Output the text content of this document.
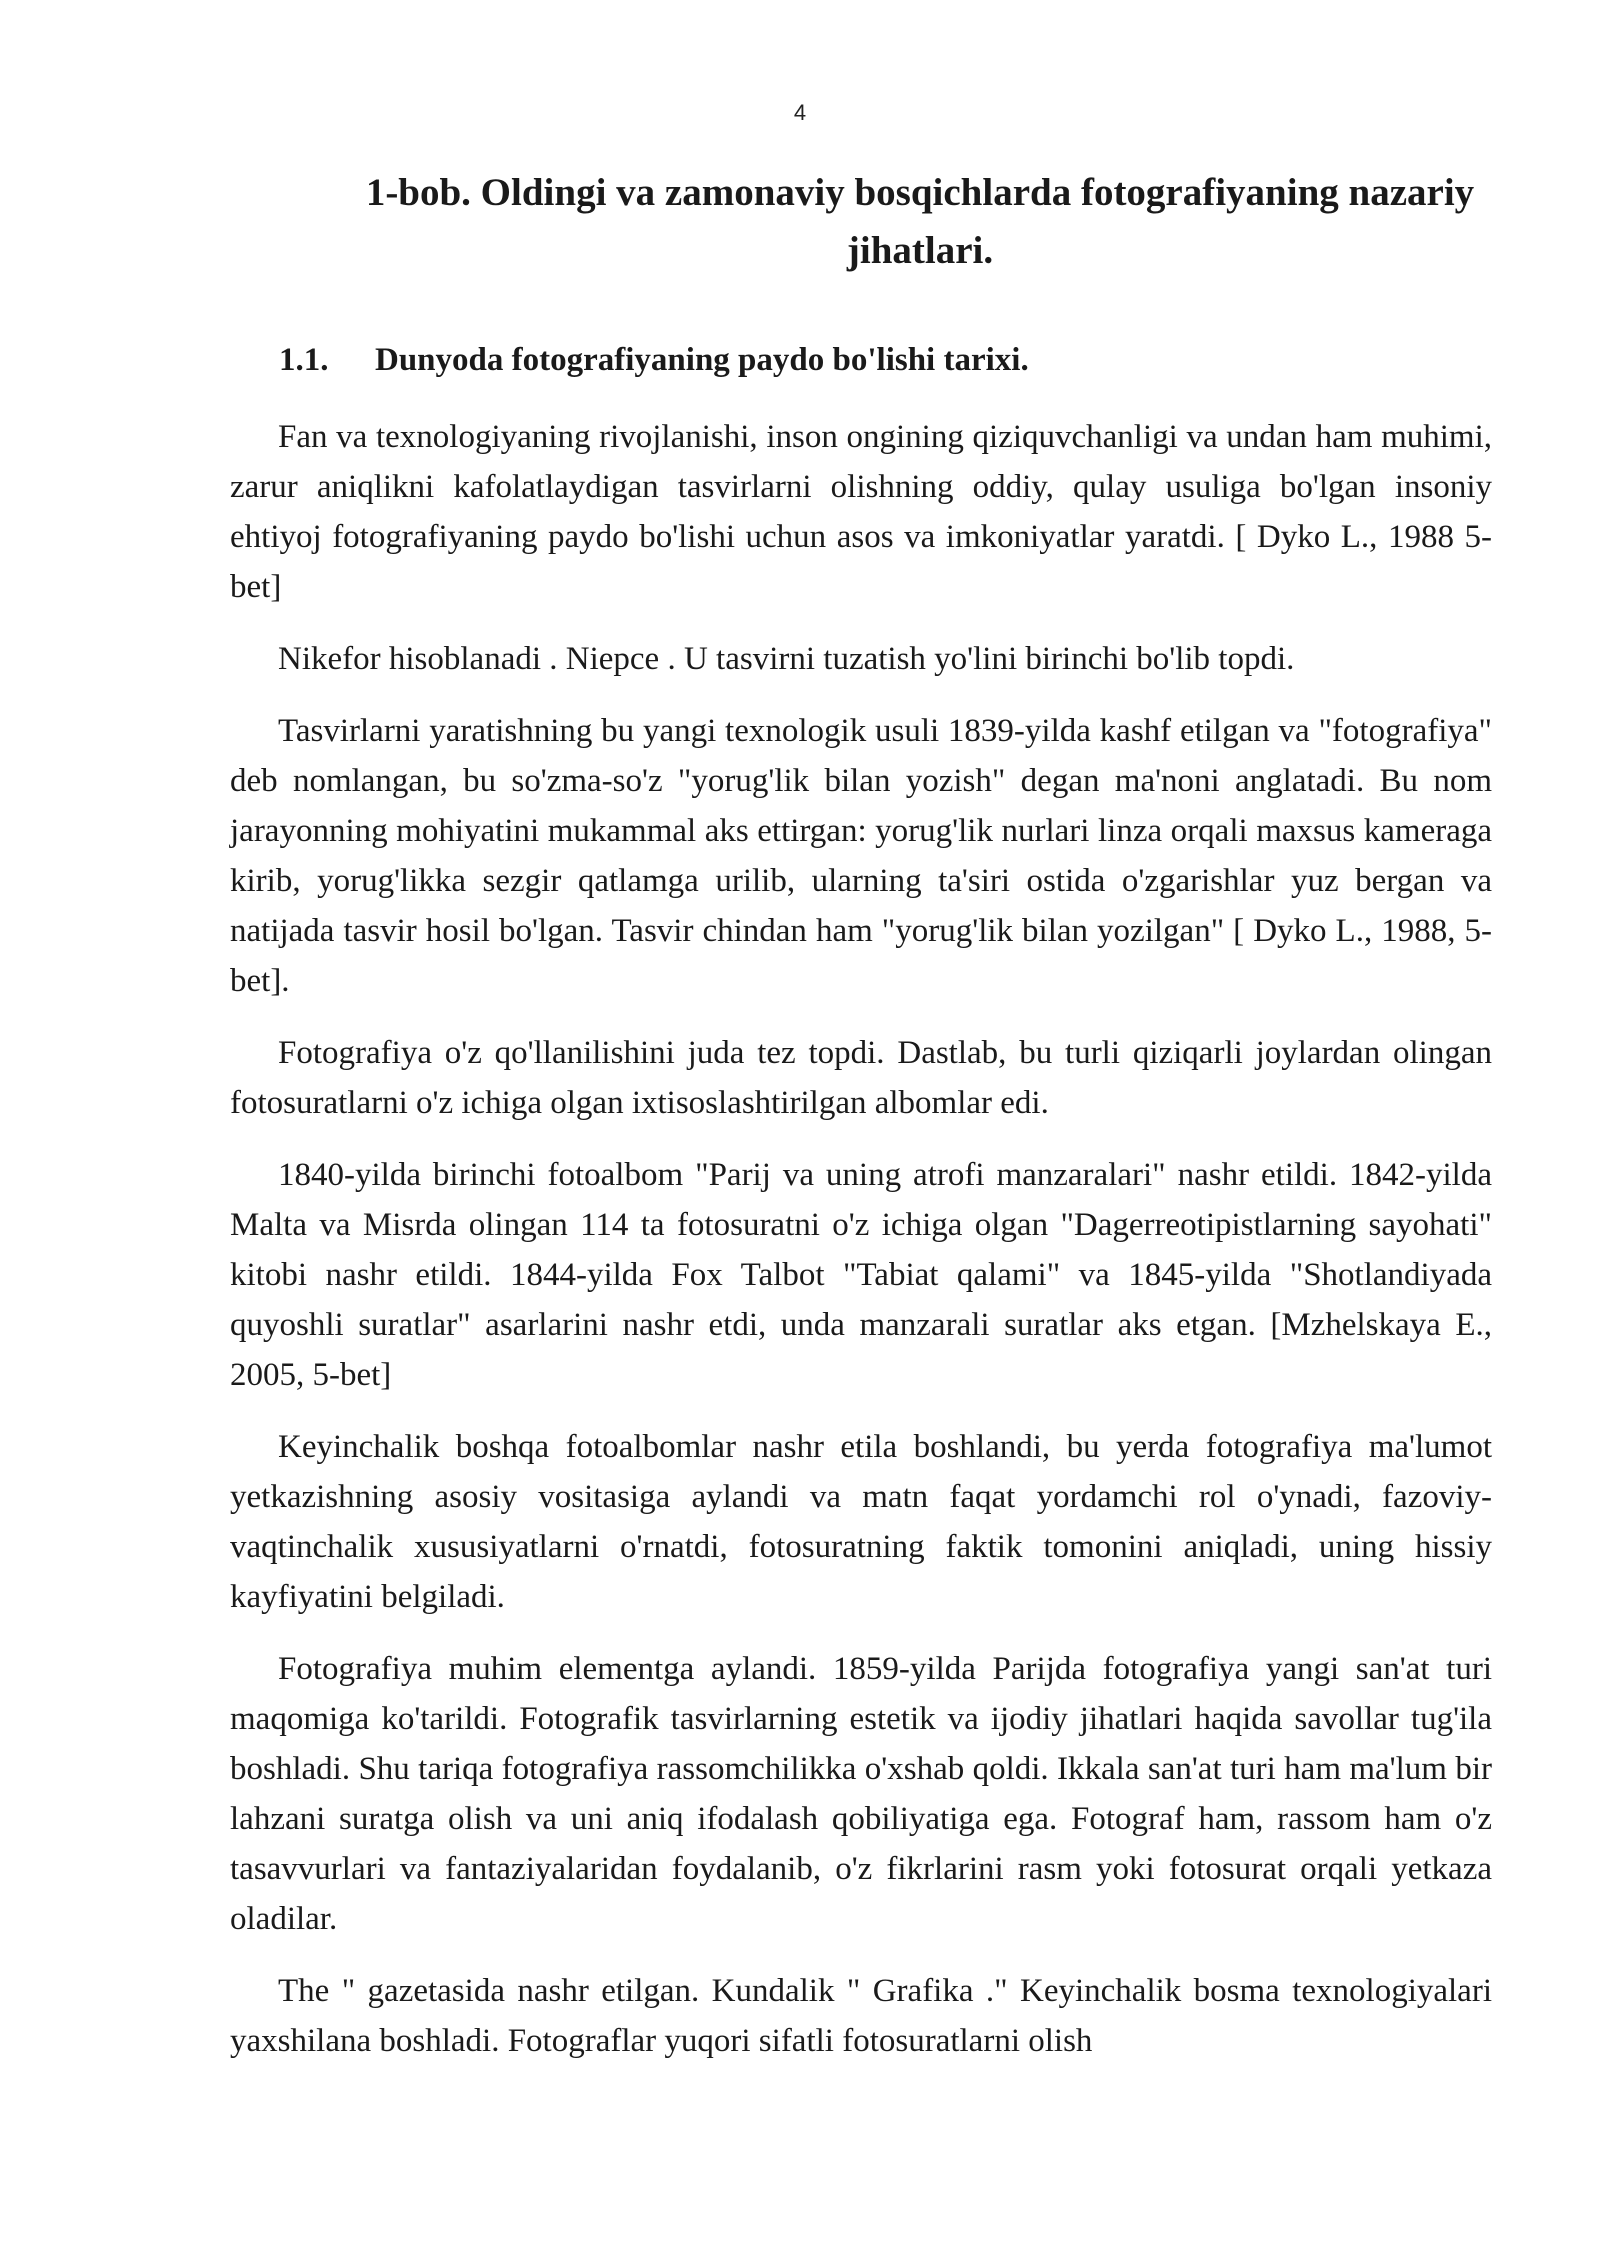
4
1-bob. Oldingi va zamonaviy bosqichlarda fotografiyaning nazariy jihatlari.
1.1. Dunyoda fotografiyaning paydo bo'lishi tarixi.

Fan va texnologiyaning rivojlanishi, inson ongining qiziquvchanligi va undan ham muhimi, zarur aniqlikni kafolatlaydigan tasvirlarni olishning oddiy, qulay usuliga bo'lgan insoniy ehtiyoj fotografiyaning paydo bo'lishi uchun asos va imkoniyatlar yaratdi. [ Dyko L., 1988 5-bet]

Nikefor hisoblanadi . Niepce . U tasvirni tuzatish yo'lini birinchi bo'lib topdi.

Tasvirlarni yaratishning bu yangi texnologik usuli 1839-yilda kashf etilgan va "fotografiya" deb nomlangan, bu so'zma-so'z "yorug'lik bilan yozish" degan ma'noni anglatadi. Bu nom jarayonning mohiyatini mukammal aks ettirgan: yorug'lik nurlari linza orqali maxsus kameraga kirib, yorug'likka sezgir qatlamga urilib, ularning ta'siri ostida o'zgarishlar yuz bergan va natijada tasvir hosil bo'lgan. Tasvir chindan ham "yorug'lik bilan yozilgan" [ Dyko L., 1988, 5-bet].

Fotografiya o'z qo'llanilishini juda tez topdi. Dastlab, bu turli qiziqarli joylardan olingan fotosuratlarni o'z ichiga olgan ixtisoslashtirilgan albomlar edi.

1840-yilda birinchi fotoalbom "Parij va uning atrofi manzaralari" nashr etildi. 1842-yilda Malta va Misrda olingan 114 ta fotosuratni o'z ichiga olgan "Dagerreotipistlarning sayohati" kitobi nashr etildi. 1844-yilda Fox Talbot "Tabiat qalami" va 1845-yilda "Shotlandiyada quyoshli suratlar" asarlarini nashr etdi, unda manzarali suratlar aks etgan. [Mzhelskaya E., 2005, 5-bet]

Keyinchalik boshqa fotoalbomlar nashr etila boshlandi, bu yerda fotografiya ma'lumot yetkazishning asosiy vositasiga aylandi va matn faqat yordamchi rol o'ynadi, fazoviy-vaqtinchalik xususiyatlarni o'rnatdi, fotosuratning faktik tomonini aniqladi, uning hissiy kayfiyatini belgiladi.

Fotografiya muhim elementga aylandi. 1859-yilda Parijda fotografiya yangi san'at turi maqomiga ko'tarildi. Fotografik tasvirlarning estetik va ijodiy jihatlari haqida savollar tug'ila boshladi. Shu tariqa fotografiya rassomchilikka o'xshab qoldi. Ikkala san'at turi ham ma'lum bir lahzani suratga olish va uni aniq ifodalash qobiliyatiga ega. Fotograf ham, rassom ham o'z tasavvurlari va fantaziyalaridan foydalanib, o'z fikrlarini rasm yoki fotosurat orqali yetkaza oladilar.

The " gazetasida nashr etilgan. Kundalik " Grafika ." Keyinchalik bosma texnologiyalari yaxshilana boshladi. Fotograflar yuqori sifatli fotosuratlarni olish
